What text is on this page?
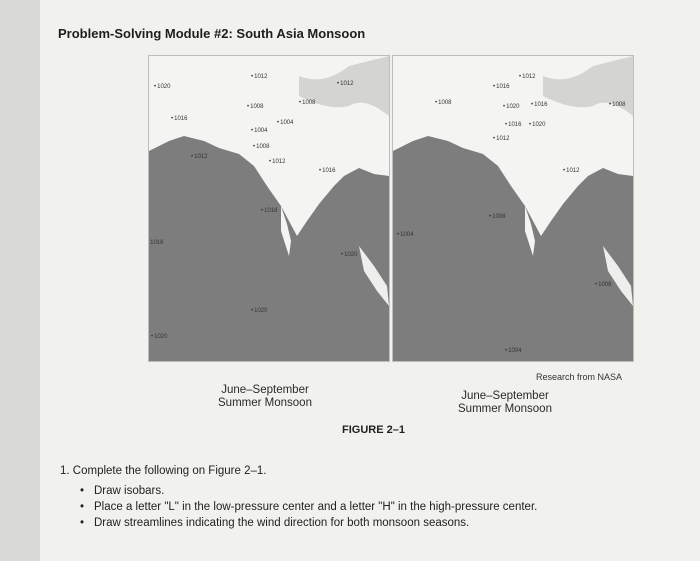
Problem-Solving Module #2: South Asia Monsoon
• 1012
• 1020
• 1008
• 1008
• 1016
• 1004
• 1004
• 1008
• 1012
• 1012
• 1016
• 1016
• 1016
• 1020
• 1020
• 1020
• 1012
• 1012
• 1016
• 1008
• 1020	• 1016
• 1016	• 1020
• 1012
• 1012
• 1008
• 1004
• 1008
• 1008
• 1004
Research from NASA
June–September
Summer Monsoon
June–September
Summer Monsoon
FIGURE 2–1
1. Complete the following on Figure 2–1.
• Draw isobars.
• Place a letter "L" in the low-pressure center and a letter "H" in the high-pressure center.
• Draw streamlines indicating the wind direction for both monsoon seasons.
